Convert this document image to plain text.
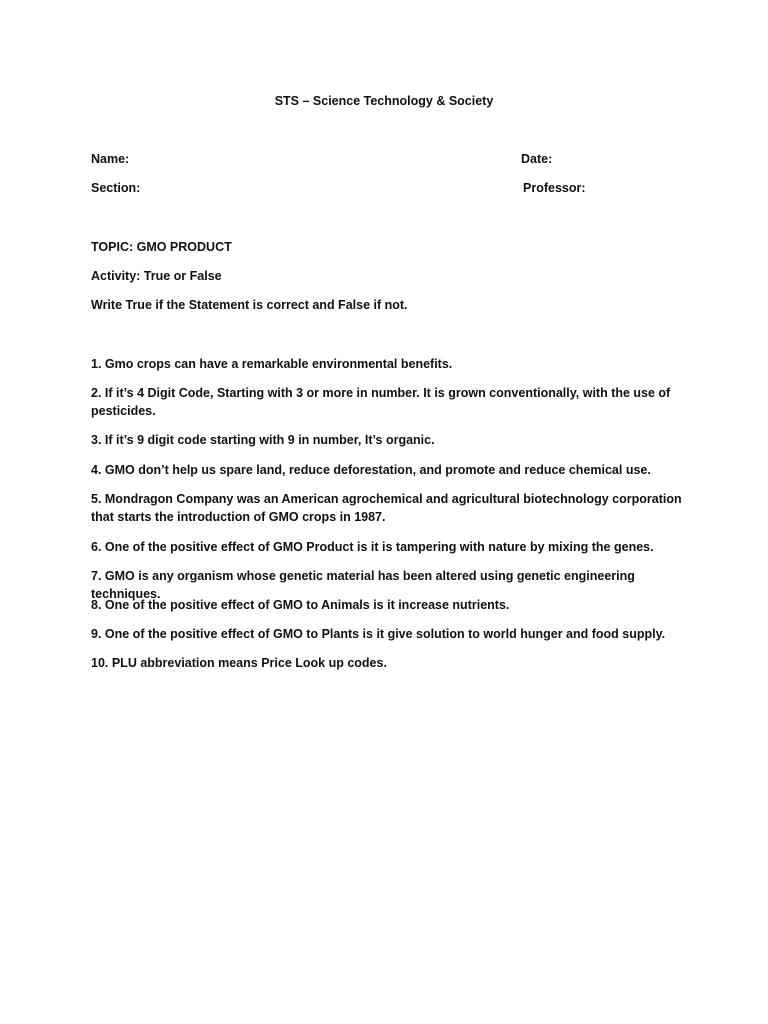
STS – Science Technology & Society
Name:	Date:
Section:	Professor:
TOPIC: GMO PRODUCT
Activity: True or False
Write True if the Statement is correct and False if not.
1. Gmo crops can have a remarkable environmental benefits.
2. If it’s 4 Digit Code, Starting with 3 or more in number. It is grown conventionally, with the use of pesticides.
3. If it’s 9 digit code starting with 9 in number, It’s organic.
4. GMO don’t help us spare land, reduce deforestation, and promote and reduce chemical use.
5. Mondragon Company was an American agrochemical and agricultural biotechnology corporation that starts the introduction of GMO crops in 1987.
6. One of the positive effect of GMO Product is it is tampering with nature by mixing the genes.
7. GMO is any organism whose genetic material has been altered using genetic engineering techniques.
8. One of the positive effect of GMO to Animals is it increase nutrients.
9. One of the positive effect of GMO to Plants is it give solution to world hunger and food supply.
10. PLU abbreviation means Price Look up codes.
